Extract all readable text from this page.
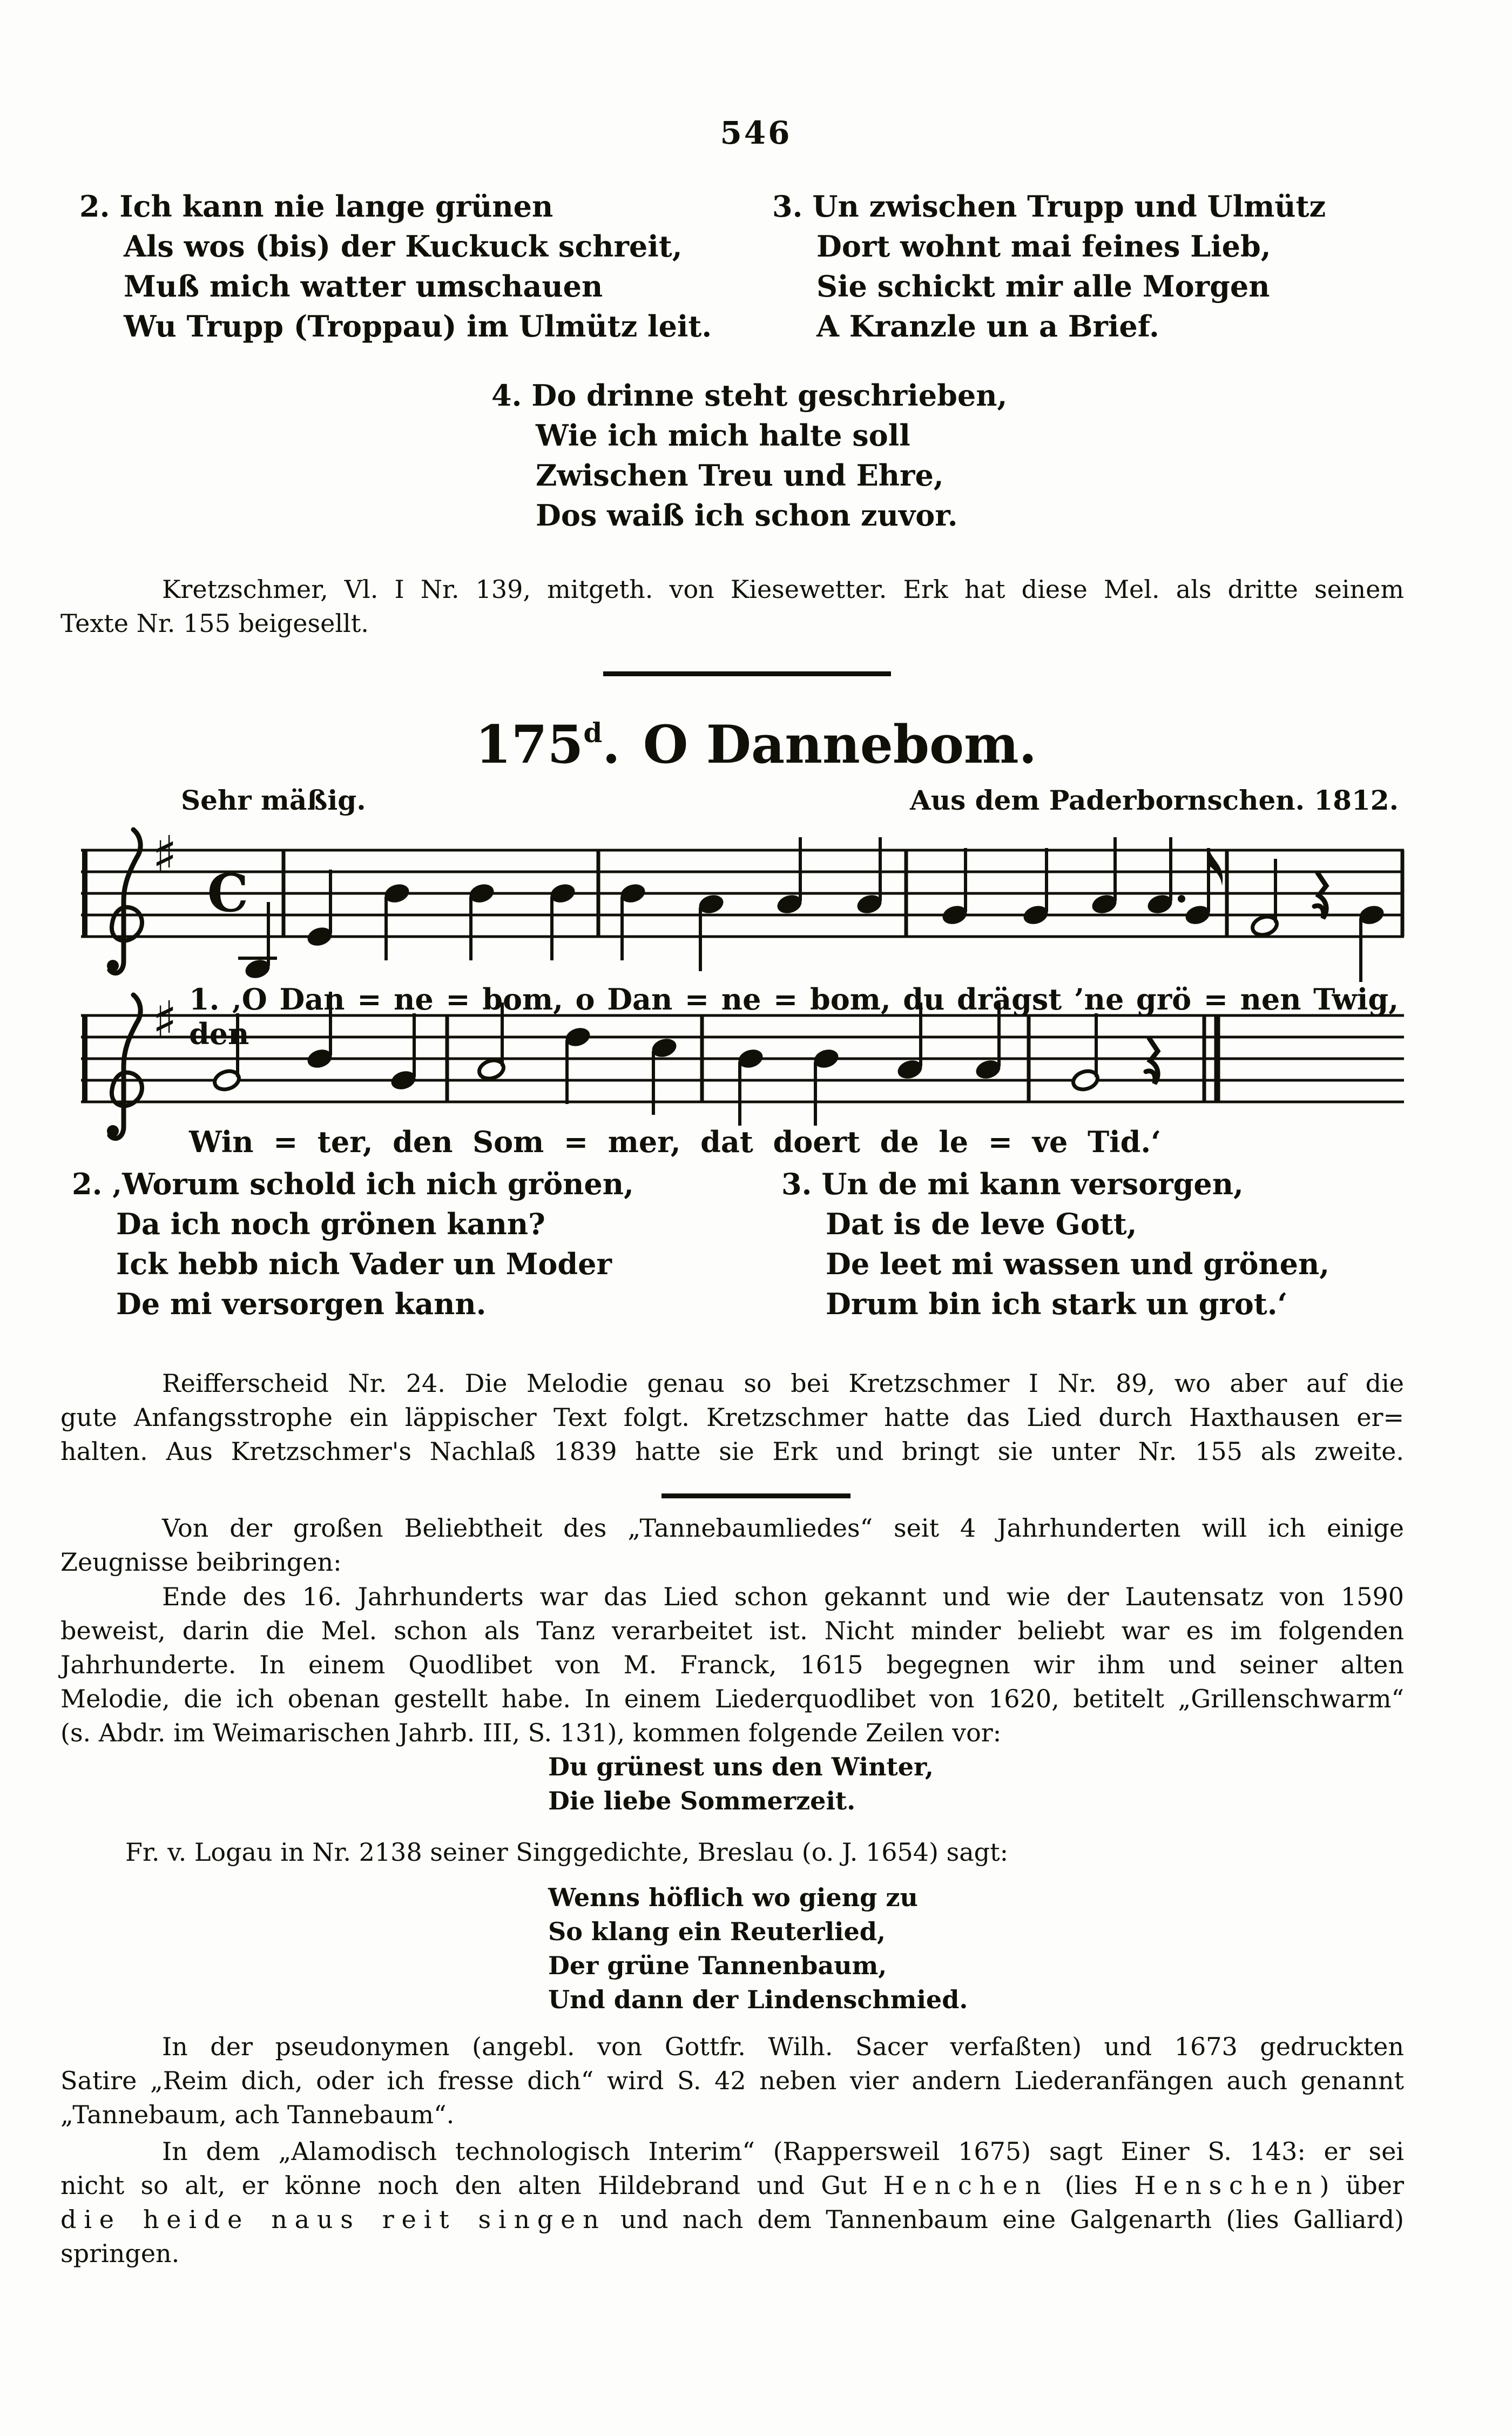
546
2. Ich kann nie lange grünen
Als wos (bis) der Kuckuck schreit,
Muß mich watter umschauen
Wu Trupp (Troppau) im Ulmütz leit.
3. Un zwischen Trupp und Ulmütz
Dort wohnt mai feines Lieb,
Sie schickt mir alle Morgen
A Kranzle un a Brief.
4. Do drinne steht geschrieben,
Wie ich mich halte soll
Zwischen Treu und Ehre,
Dos waiß ich schon zuvor.
Kretzschmer, Vl. I Nr. 139, mitgeth. von Kiesewetter. Erk hat diese Mel. als dritte seinem
Texte Nr. 155 beigesellt.
175$^d$. O Dannebom.
Sehr mäßig.	Aus dem Paderbornschen. 1812.
♯
C
1. ‚O Dan = ne = bom, o Dan = ne = bom, du drägst ’ne grö = nen Twig, den
♯
Win = ter, den Som = mer, dat doert de le = ve Tid.‘
2. ‚Worum schold ich nich grönen,
Da ich noch grönen kann?
Ick hebb nich Vader un Moder
De mi versorgen kann.
3. Un de mi kann versorgen,
Dat is de leve Gott,
De leet mi wassen und grönen,
Drum bin ich stark un grot.‘
Reifferscheid Nr. 24. Die Melodie genau so bei Kretzschmer I Nr. 89, wo aber auf die
gute Anfangsstrophe ein läppischer Text folgt. Kretzschmer hatte das Lied durch Haxthausen er=
halten. Aus Kretzschmer's Nachlaß 1839 hatte sie Erk und bringt sie unter Nr. 155 als zweite.
Von der großen Beliebtheit des „Tannebaumliedes“ seit 4 Jahrhunderten will ich einige
Zeugnisse beibringen:
Ende des 16. Jahrhunderts war das Lied schon gekannt und wie der Lautensatz von 1590
beweist, darin die Mel. schon als Tanz verarbeitet ist. Nicht minder beliebt war es im folgenden
Jahrhunderte. In einem Quodlibet von M. Franck, 1615 begegnen wir ihm und seiner alten
Melodie, die ich obenan gestellt habe. In einem Liederquodlibet von 1620, betitelt „Grillenschwarm“
(s. Abdr. im Weimarischen Jahrb. III, S. 131), kommen folgende Zeilen vor:
Du grünest uns den Winter,
Die liebe Sommerzeit.
Fr. v. Logau in Nr. 2138 seiner Singgedichte, Breslau (o. J. 1654) sagt:
Wenns höflich wo gieng zu
So klang ein Reuterlied,
Der grüne Tannenbaum,
Und dann der Lindenschmied.
In der pseudonymen (angebl. von Gottfr. Wilh. Sacer verfaßten) und 1673 gedruckten
Satire „Reim dich, oder ich fresse dich“ wird S. 42 neben vier andern Liederanfängen auch genannt
„Tannebaum, ach Tannebaum“.
In dem „Alamodisch technologisch Interim“ (Rappersweil 1675) sagt Einer S. 143: er sei
nicht so alt, er könne noch den alten Hildebrand und Gut Henchen (lies Henschen) über
die heide naus reit singen und nach dem Tannenbaum eine Galgenarth (lies Galliard)
springen.
